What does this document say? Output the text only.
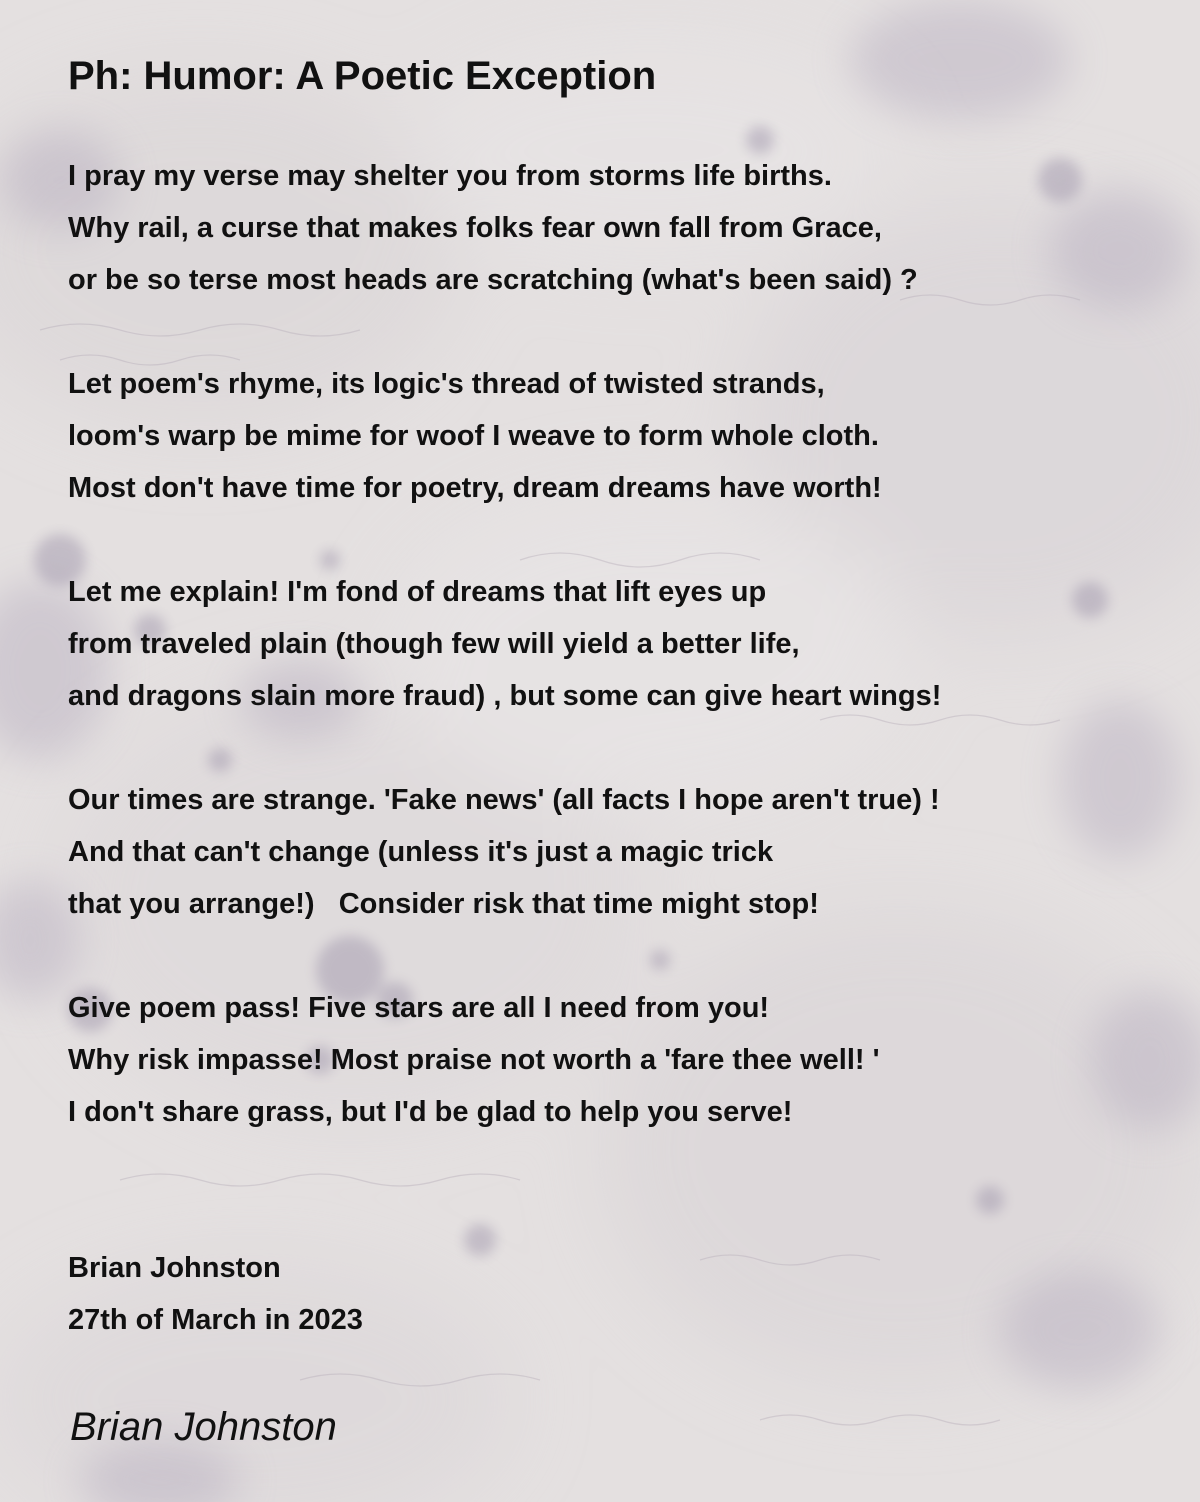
Ph: Humor: A Poetic Exception
I pray my verse may shelter you from storms life births.
Why rail, a curse that makes folks fear own fall from Grace,
or be so terse most heads are scratching (what's been said) ?
Let poem's rhyme, its logic's thread of twisted strands,
loom's warp be mime for woof I weave to form whole cloth.
Most don't have time for poetry, dream dreams have worth!
Let me explain! I'm fond of dreams that lift eyes up
from traveled plain (though few will yield a better life,
and dragons slain more fraud) , but some can give heart wings!
Our times are strange. 'Fake news' (all facts I hope aren't true) !
And that can't change (unless it's just a magic trick
that you arrange!)   Consider risk that time might stop!
Give poem pass! Five stars are all I need from you!
Why risk impasse! Most praise not worth a 'fare thee well! '
I don't share grass, but I'd be glad to help you serve!
Brian Johnston
27th of March in 2023
Brian Johnston
